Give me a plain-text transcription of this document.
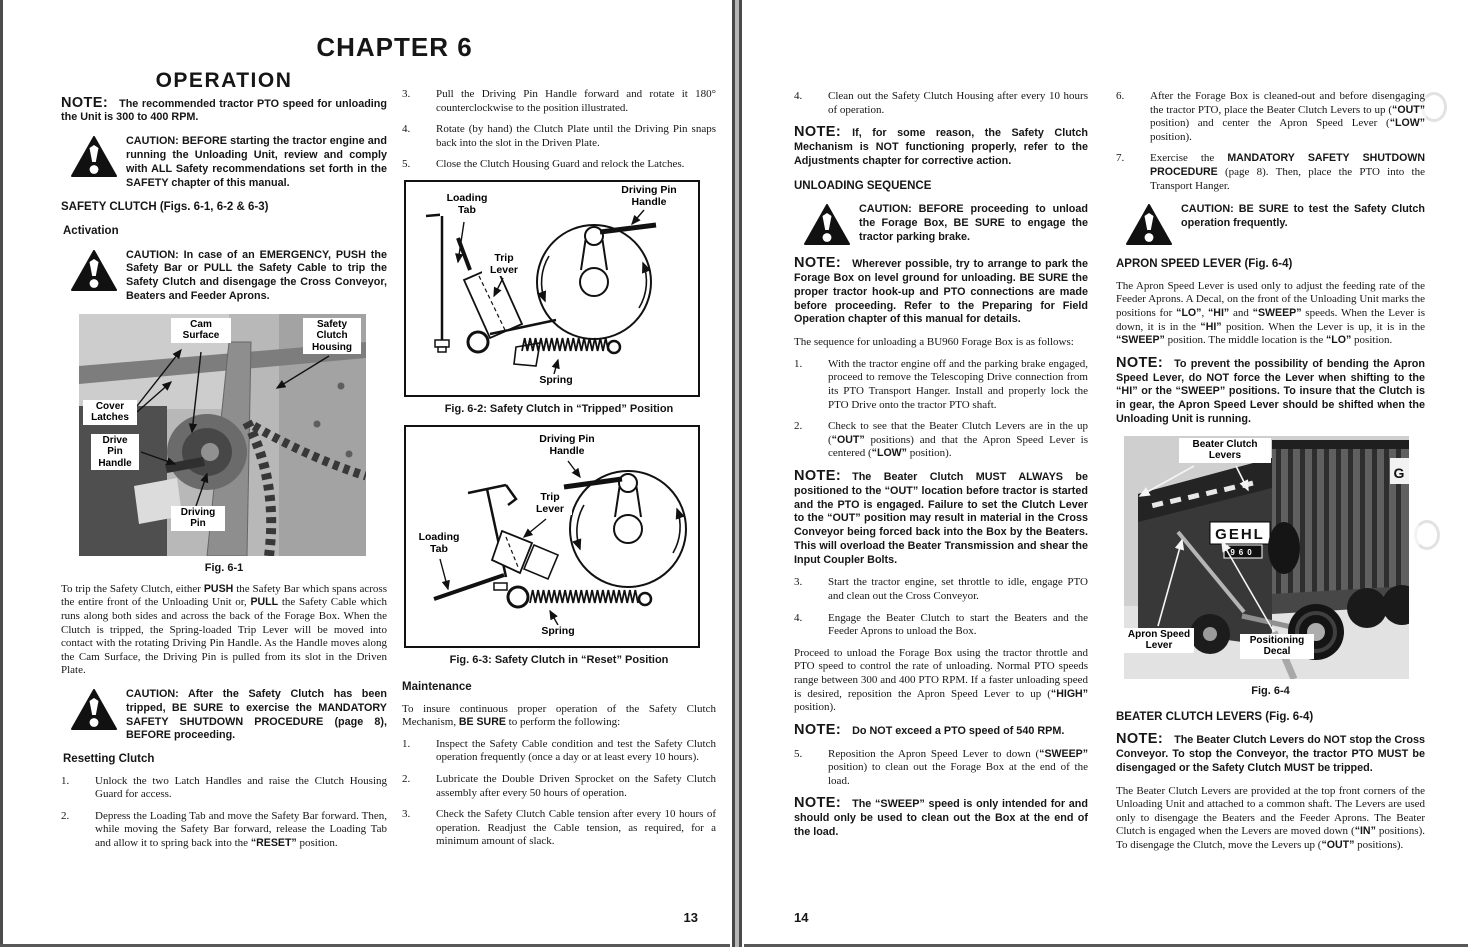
CHAPTER 6
OPERATION

NOTE: The recommended tractor PTO speed for unloading the Unit is 300 to 400 RPM.

CAUTION: BEFORE starting the tractor engine and running the Unloading Unit, review and comply with ALL Safety recommendations set forth in the SAFETY chapter of this manual.
SAFETY CLUTCH (Figs. 6-1, 6-2 & 6-3)
Activation
CAUTION: In case of an EMERGENCY, PUSH the Safety Bar or PULL the Safety Cable to trip the Safety Clutch and disengage the Cross Conveyor, Beaters and Feeder Aprons.
Cam Surface
Safety Clutch Housing
Cover Latches
Drive Pin Handle
Driving Pin
Fig. 6-1

To trip the Safety Clutch, either PUSH the Safety Bar which spans across the entire front of the Unloading Unit or, PULL the Safety Cable which runs along both sides and across the back of the Forage Box. When the Clutch is tripped, the Spring-loaded Trip Lever will be moved into contact with the rotating Driving Pin Handle. As the Handle moves along the Cam Surface, the Driving Pin is pulled from its slot in the Driven Plate.

CAUTION: After the Safety Clutch has been tripped, BE SURE to exercise the MANDATORY SAFETY SHUTDOWN PROCEDURE (page 8), BEFORE proceeding.
Resetting Clutch
1.	Unlock the two Latch Handles and raise the Clutch Housing Guard for access.
2.	Depress the Loading Tab and move the Safety Bar forward. Then, while moving the Safety Bar forward, release the Loading Tab and allow it to spring back into the “RESET” position.
3.	Pull the Driving Pin Handle forward and rotate it 180° counterclockwise to the position illustrated.
4.	Rotate (by hand) the Clutch Plate until the Driving Pin snaps back into the slot in the Driven Plate.
5.	Close the Clutch Housing Guard and relock the Latches.
Loading Tab
Trip Lever
Driving Pin Handle
Spring
Fig. 6-2: Safety Clutch in “Tripped” Position
Driving Pin Handle
Trip Lever
Loading Tab
Spring
Fig. 6-3: Safety Clutch in “Reset” Position
Maintenance

To insure continuous proper operation of the Safety Clutch Mechanism, BE SURE to perform the following:

1.	Inspect the Safety Cable condition and test the Safety Clutch operation frequently (once a day or at least every 10 hours).
2.	Lubricate the Double Driven Sprocket on the Safety Clutch assembly after every 50 hours of operation.
3.	Check the Safety Clutch Cable tension after every 10 hours of operation. Readjust the Cable tension, as required, for a minimum amount of slack.
13
4.	Clean out the Safety Clutch Housing after every 10 hours of operation.

NOTE: If, for some reason, the Safety Clutch Mechanism is NOT functioning properly, refer to the Adjustments chapter for corrective action.

UNLOADING SEQUENCE
CAUTION: BEFORE proceeding to unload the Forage Box, BE SURE to engage the tractor parking brake.

NOTE: Wherever possible, try to arrange to park the Forage Box on level ground for unloading. BE SURE the proper tractor hook-up and PTO connections are made before proceeding. Refer to the Preparing for Field Operation chapter of this manual for details.

The sequence for unloading a BU960 Forage Box is as follows:

1.	With the tractor engine off and the parking brake engaged, proceed to remove the Telescoping Drive connection from its PTO Transport Hanger. Install and properly lock the PTO Drive onto the tractor PTO shaft.
2.	Check to see that the Beater Clutch Levers are in the up (“OUT” positions) and that the Apron Speed Lever is centered (“LOW” position).

NOTE: The Beater Clutch MUST ALWAYS be positioned to the “OUT” location before tractor is started and the PTO is engaged. Failure to set the Clutch Lever to the “OUT” position may result in material in the Cross Conveyor being forced back into the Box by the Beaters. This will overload the Beater Transmission and shear the Input Coupler Bolts.

3.	Start the tractor engine, set throttle to idle, engage PTO and clean out the Cross Conveyor.
4.	Engage the Beater Clutch to start the Beaters and the Feeder Aprons to unload the Box.

Proceed to unload the Forage Box using the tractor throttle and PTO speed to control the rate of unloading. Normal PTO speeds range between 300 and 400 PTO RPM. If a faster unloading speed is desired, reposition the Apron Speed Lever to up (“HIGH” position).

NOTE: Do NOT exceed a PTO speed of 540 RPM.

5.	Reposition the Apron Speed Lever to down (“SWEEP” position) to clean out the Forage Box at the end of the load.

NOTE: The “SWEEP” speed is only intended for and should only be used to clean out the Box at the end of the load.

6.	After the Forage Box is cleaned-out and before disengaging the tractor PTO, place the Beater Clutch Levers to up (“OUT” position) and center the Apron Speed Lever (“LOW” position).
7.	Exercise the MANDATORY SAFETY SHUTDOWN PROCEDURE (page 8). Then, place the PTO into the Transport Hanger.
CAUTION: BE SURE to test the Safety Clutch operation frequently.
APRON SPEED LEVER (Fig. 6-4)

The Apron Speed Lever is used only to adjust the feeding rate of the Feeder Aprons. A Decal, on the front of the Unloading Unit marks the positions for “LO”, “HI” and “SWEEP” speeds. When the Lever is down, it is in the “HI” position. When the Lever is up, it is in the “SWEEP” position. The middle location is the “LO” position.

NOTE: To prevent the possibility of bending the Apron Speed Lever, do NOT force the Lever when shifting to the “HI” or the “SWEEP” positions. To insure that the Clutch is in gear, the Apron Speed Lever should be shifted when the Unloading Unit is running.

G
GEHL
960
Beater Clutch Levers
Apron Speed Lever	Positioning Decal
Fig. 6-4
BEATER CLUTCH LEVERS (Fig. 6-4)

NOTE: The Beater Clutch Levers do NOT stop the Cross Conveyor. To stop the Conveyor, the tractor PTO MUST be disengaged or the Safety Clutch MUST be tripped.

The Beater Clutch Levers are provided at the top front corners of the Unloading Unit and attached to a common shaft. The Levers are used only to disengage the Beaters and the Feeder Aprons. The Beater Clutch is engaged when the Levers are moved down (“IN” positions). To disengage the Clutch, move the Levers up (“OUT” positions).

14
